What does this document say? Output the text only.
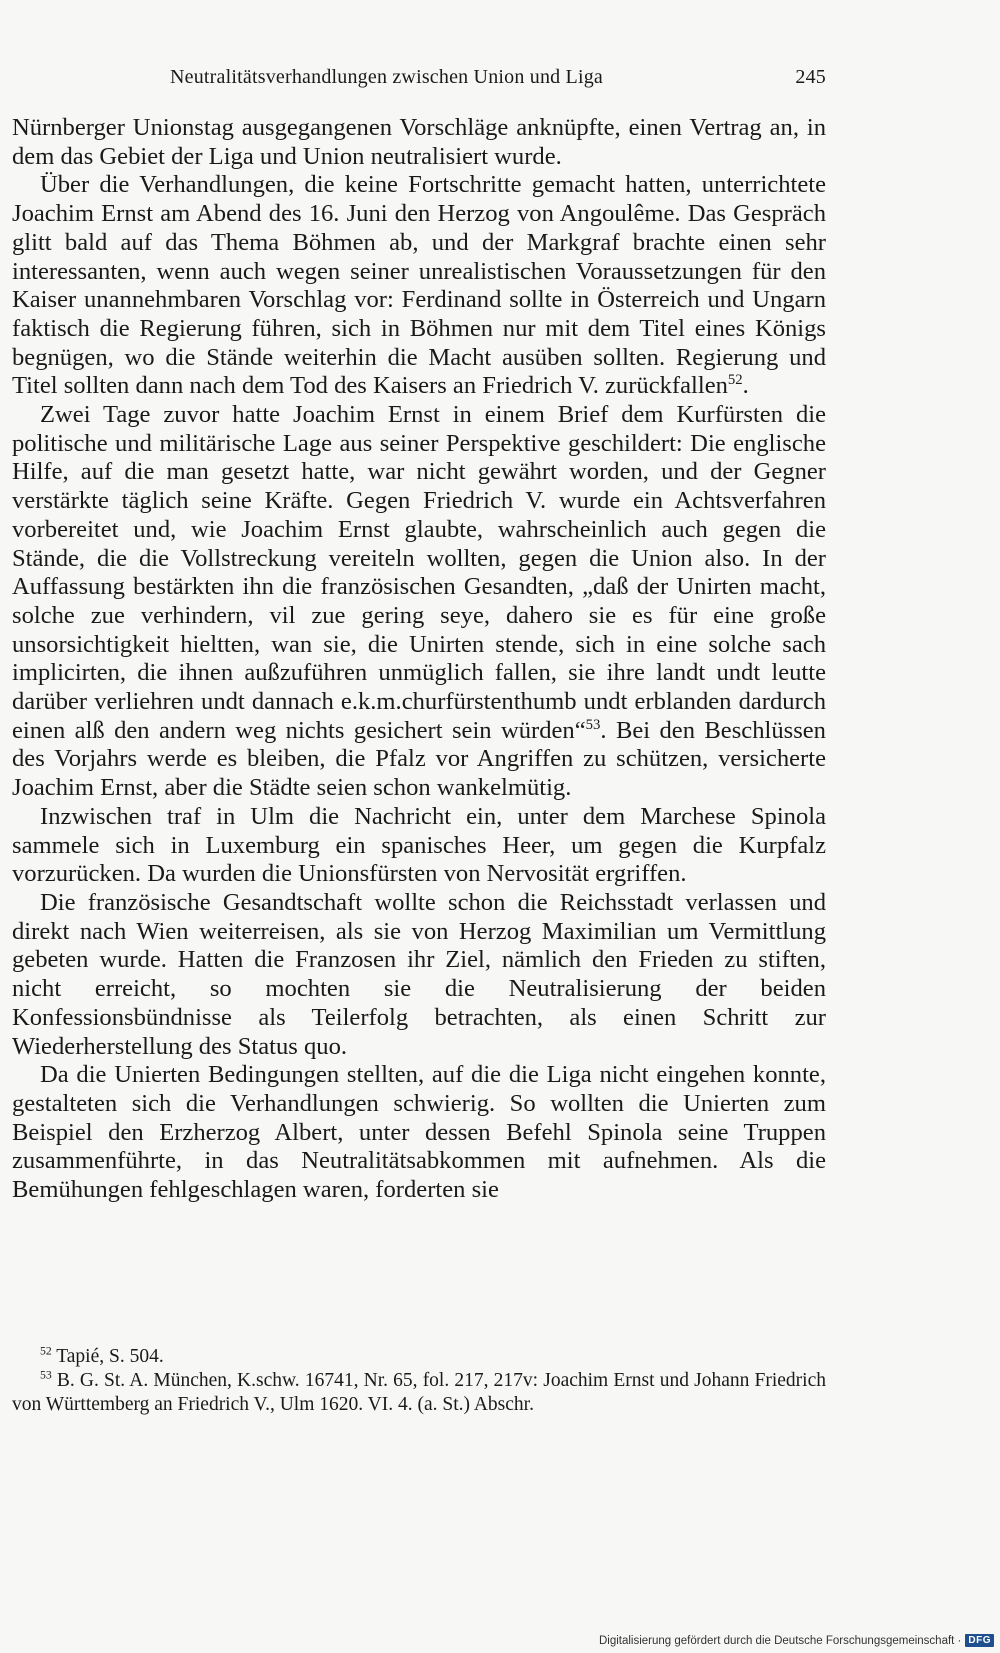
Neutralitätsverhandlungen zwischen Union und Liga	245

Nürnberger Unionstag ausgegangenen Vorschläge anknüpfte, einen Vertrag an, in dem das Gebiet der Liga und Union neutralisiert wurde.

Über die Verhandlungen, die keine Fortschritte gemacht hatten, unterrichtete Joachim Ernst am Abend des 16. Juni den Herzog von Angoulême. Das Gespräch glitt bald auf das Thema Böhmen ab, und der Markgraf brachte einen sehr interessanten, wenn auch wegen seiner unrealistischen Voraussetzungen für den Kaiser unannehmbaren Vorschlag vor: Ferdinand sollte in Österreich und Ungarn faktisch die Regierung führen, sich in Böhmen nur mit dem Titel eines Königs begnügen, wo die Stände weiterhin die Macht ausüben sollten. Regierung und Titel sollten dann nach dem Tod des Kaisers an Friedrich V. zurückfallen$^{52}$.

Zwei Tage zuvor hatte Joachim Ernst in einem Brief dem Kurfürsten die politische und militärische Lage aus seiner Perspektive geschildert: Die englische Hilfe, auf die man gesetzt hatte, war nicht gewährt worden, und der Gegner verstärkte täglich seine Kräfte. Gegen Friedrich V. wurde ein Achtsverfahren vorbereitet und, wie Joachim Ernst glaubte, wahrscheinlich auch gegen die Stände, die die Vollstreckung vereiteln wollten, gegen die Union also. In der Auffassung bestärkten ihn die französischen Gesandten, „daß der Unirten macht, solche zue verhindern, vil zue gering seye, dahero sie es für eine große unsorsichtigkeit hieltten, wan sie, die Unirten stende, sich in eine solche sach implicirten, die ihnen außzuführen unmüglich fallen, sie ihre landt undt leutte darüber verliehren undt dannach e.k.m.churfürstenthumb undt erblanden dardurch einen alß den andern weg nichts gesichert sein würden“$^{53}$. Bei den Beschlüssen des Vorjahrs werde es bleiben, die Pfalz vor Angriffen zu schützen, versicherte Joachim Ernst, aber die Städte seien schon wankelmütig.

Inzwischen traf in Ulm die Nachricht ein, unter dem Marchese Spinola sammele sich in Luxemburg ein spanisches Heer, um gegen die Kurpfalz vorzurücken. Da wurden die Unionsfürsten von Nervosität ergriffen.

Die französische Gesandtschaft wollte schon die Reichsstadt verlassen und direkt nach Wien weiterreisen, als sie von Herzog Maximilian um Vermittlung gebeten wurde. Hatten die Franzosen ihr Ziel, nämlich den Frieden zu stiften, nicht erreicht, so mochten sie die Neutralisierung der beiden Konfessionsbündnisse als Teilerfolg betrachten, als einen Schritt zur Wiederherstellung des Status quo.

Da die Unierten Bedingungen stellten, auf die die Liga nicht eingehen konnte, gestalteten sich die Verhandlungen schwierig. So wollten die Unierten zum Beispiel den Erzherzog Albert, unter dessen Befehl Spinola seine Truppen zusammenführte, in das Neutralitätsabkommen mit aufnehmen. Als die Bemühungen fehlgeschlagen waren, forderten sie

$^{52}$ Tapié, S. 504.

$^{53}$ B. G. St. A. München, K.schw. 16741, Nr. 65, fol. 217, 217v: Joachim Ernst und Johann Friedrich von Württemberg an Friedrich V., Ulm 1620. VI. 4. (a. St.) Abschr.

Digitalisierung gefördert durch die Deutsche Forschungsgemeinschaft · DFG
